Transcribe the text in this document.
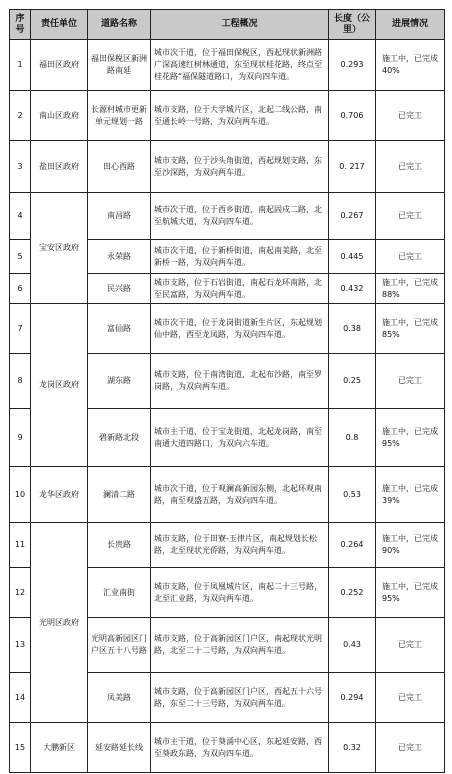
序号	责任单位	道路名称	工程概况	长度（公里）	进展情况
1	福田区政府	福田保税区新洲路南延	城市次干道，位于福田保税区，西起现状新洲路广深高速红树林通道，东至现状桂花路，终点至桂花路“福保隧道路口，为双向四车道。	0.293	施工中，已完成40%
2	南山区政府	长源村城市更新单元规划一路	城市支路，位于大学城片区，北起二线公路，南至通长岭一号路，为双向两车道。	0.706	已完工
3	盐田区政府	田心西路	城市支路，位于沙头角街道，西起规划支路，东至沙深路，为双向两车道。	0. 217	已完工
4	宝安区政府	南昌路	城市次干道，位于西乡街道，南起固戍二路，北至航城大道，为双向四车道。	0.267	已完工
5		永荣路	城市次干道，位于新桥街道，南起南美路，北至新桥一路，为双向两车道。	0.445	已完工
6		民兴路	城市支路，位于石岩街道，南起石龙环南路，北至民富路，为双向两车道。	0.432	施工中，已完成88%
7	龙岗区政府	富仙路	城市次干道，位于龙岗街道新生片区，东起规划仙中路，西至龙凤路，为双向四车道。	0.38	施工中，已完成85%
8		湖东路	城市支路，位于南湾街道，北起布沙路，南至罗岗路，为双向两车道。	0.25	已完工
9		碧新路北段	城市主干道，位于宝龙街道，北起龙岗路，南至南通大道四路口，为双向六车道。	0.8	施工中，已完成95%
10	龙华区政府	澜清二路	城市次干道，位于观澜高新园东侧，北起环观南路，南至观盛五路，为双向四车道。	0.53	施工中，已完成39%
11	光明区政府	长贵路	城市支路，位于田寮-玉律片区，南起规划长松路，北至现状光侨路，为双向两车道。	0.264	施工中，已完成90%
12		汇业南街	城市支路，位于凤凰城片区，南起二十三号路，北至汇业路，为双向两车道。	0.252	施工中，已完成95%
13		光明高新园区门户区五十八号路	城市支路，位于高新园区门户区，南起现状光明路，北至二十二号路，为双向两车道。	0.43	已完工
14		凤美路	城市支路，位于高新园区门户区，西起五十六号路，东至二十三号路，为双向两车道。	0.294	已完工
15	大鹏新区	延安路延长线	城市主干道，位于葵涌中心区，东起延安路，西至葵政东路，为双向四车道。	0.32	已完工
